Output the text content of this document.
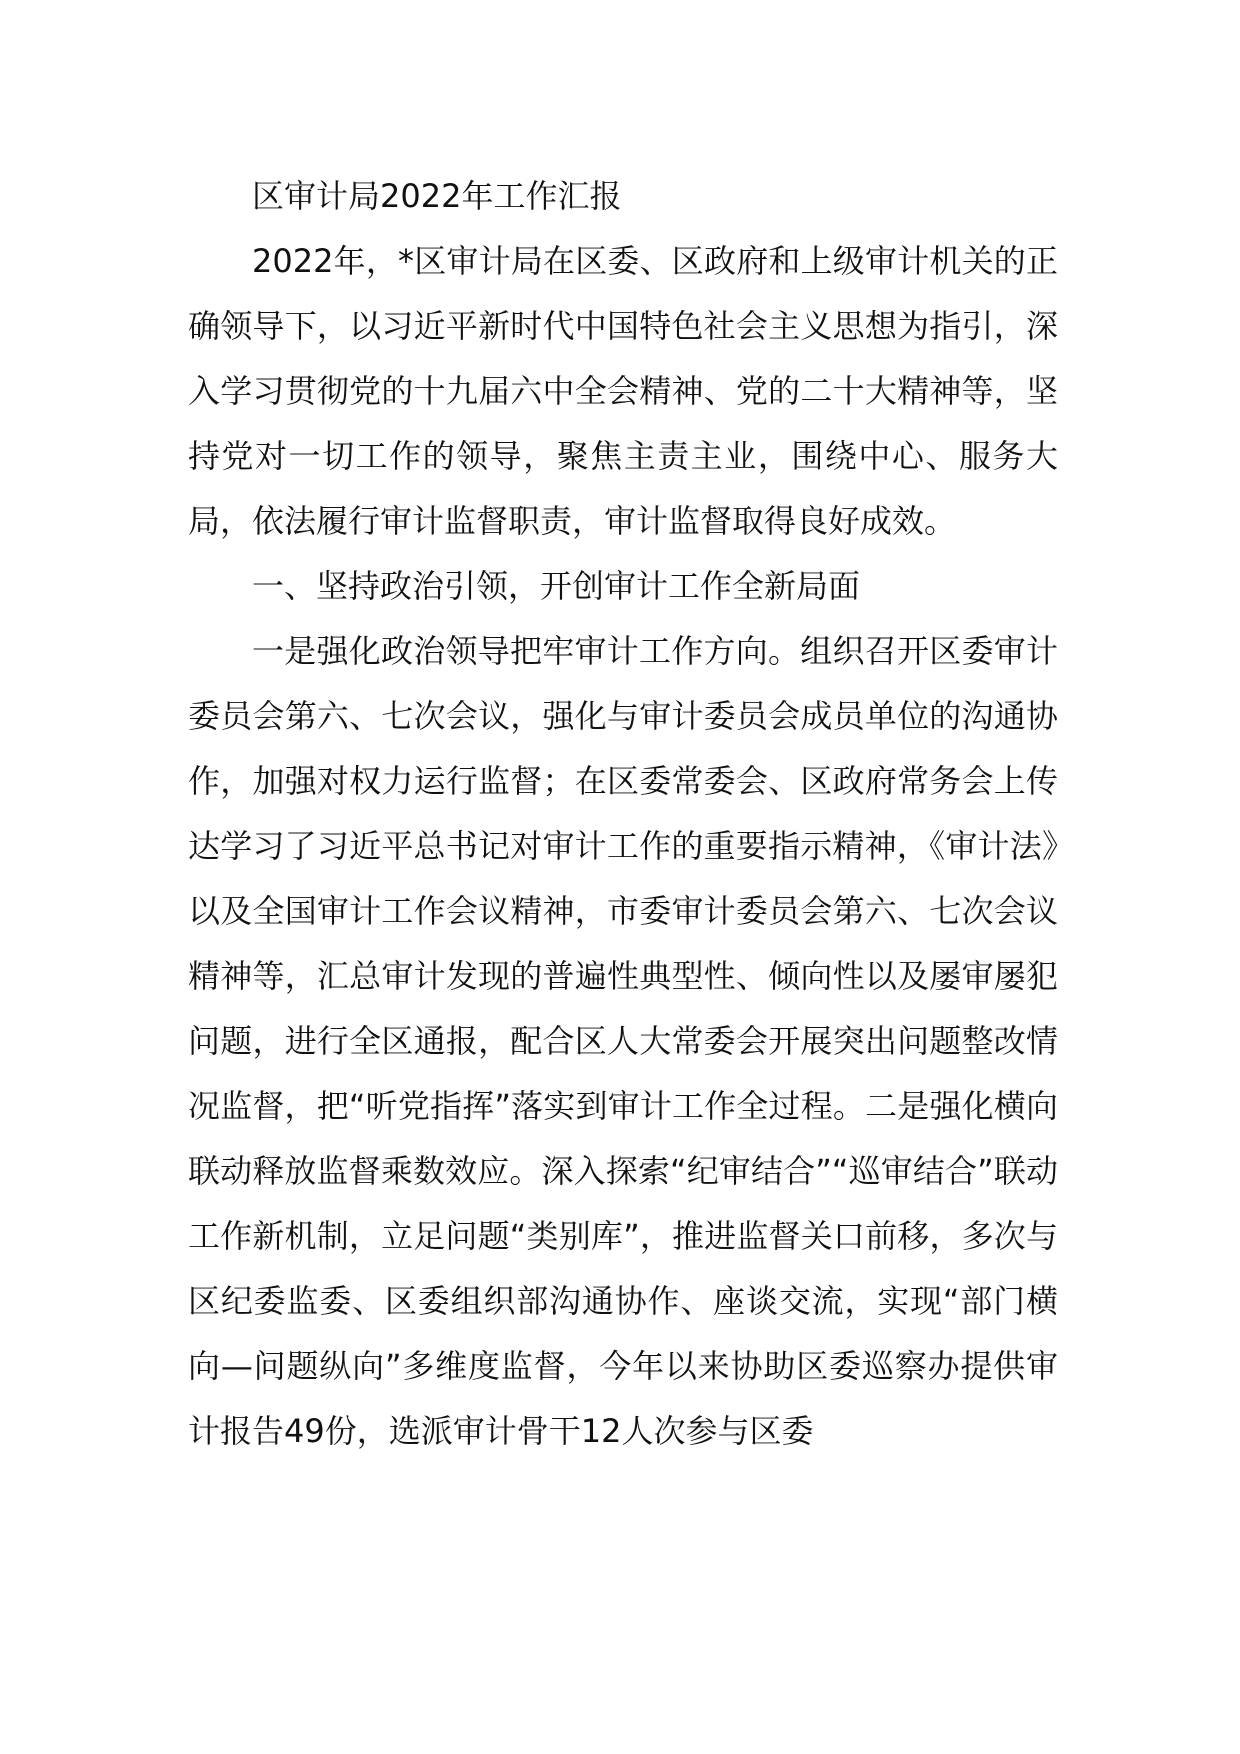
区审计局2022年工作汇报

2022年，*区审计局在区委、区政府和上级审计机关的正确领导下，以习近平新时代中国特色社会主义思想为指引，深入学习贯彻党的十九届六中全会精神、党的二十大精神等，坚持党对一切工作的领导，聚焦主责主业，围绕中心、服务大局，依法履行审计监督职责，审计监督取得良好成效。

一、坚持政治引领，开创审计工作全新局面

一是强化政治领导把牢审计工作方向。组织召开区委审计委员会第六、七次会议，强化与审计委员会成员单位的沟通协作，加强对权力运行监督；在区委常委会、区政府常务会上传达学习了习近平总书记对审计工作的重要指示精神，《审计法》以及全国审计工作会议精神，市委审计委员会第六、七次会议精神等，汇总审计发现的普遍性典型性、倾向性以及屡审屡犯问题，进行全区通报，配合区人大常委会开展突出问题整改情况监督，把“听党指挥”落实到审计工作全过程。二是强化横向联动释放监督乘数效应。深入探索“纪审结合”“巡审结合”联动工作新机制，立足问题“类别库”，推进监督关口前移，多次与区纪委监委、区委组织部沟通协作、座谈交流，实现“部门横向—问题纵向”多维度监督，今年以来协助区委巡察办提供审计报告49份，选派审计骨干12人次参与区委
